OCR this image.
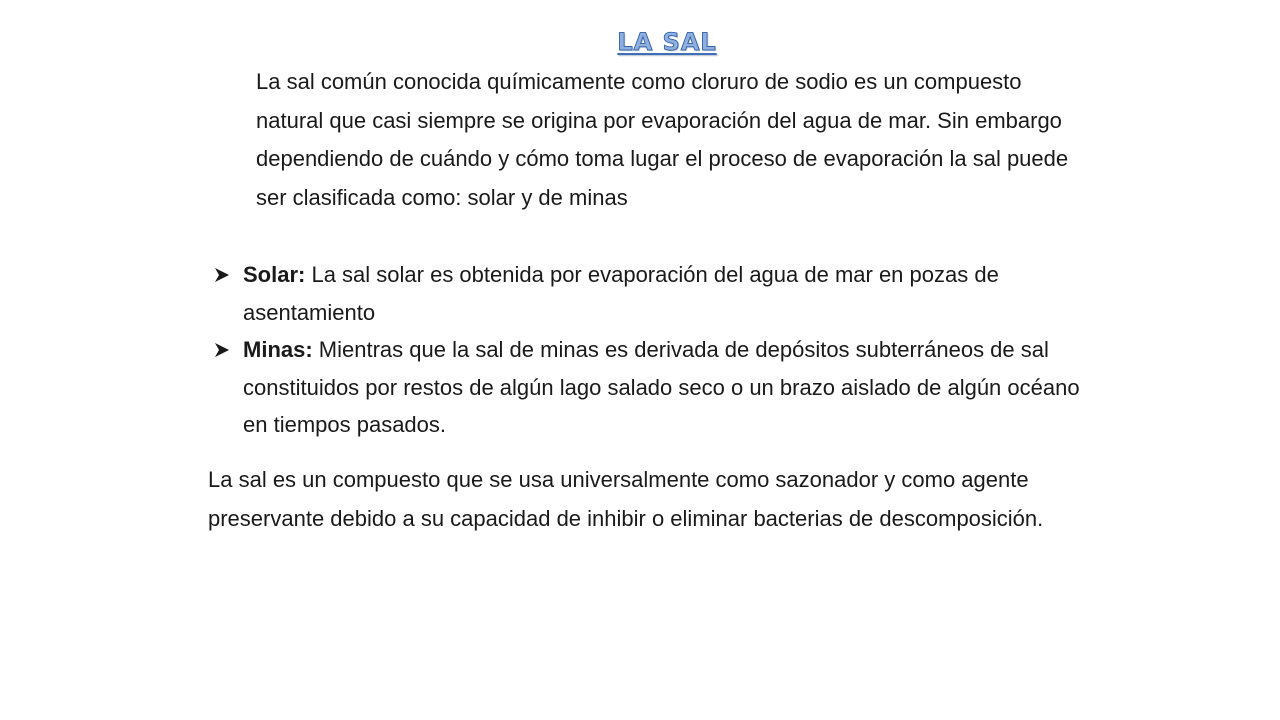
LA SAL

La sal común conocida químicamente como cloruro de sodio es un compuesto natural que casi siempre se origina por evaporación del agua de mar. Sin embargo dependiendo de cuándo y cómo toma lugar el proceso de evaporación la sal puede ser clasificada como: solar y de minas

Solar: La sal solar es obtenida por evaporación del agua de mar en pozas de asentamiento
Minas: Mientras que la sal de minas es derivada de depósitos subterráneos de sal constituidos por restos de algún lago salado seco o un brazo aislado de algún océano en tiempos pasados.

La sal es un compuesto que se usa universalmente como sazonador y como agente preservante debido a su capacidad de inhibir o eliminar bacterias de descomposición.
